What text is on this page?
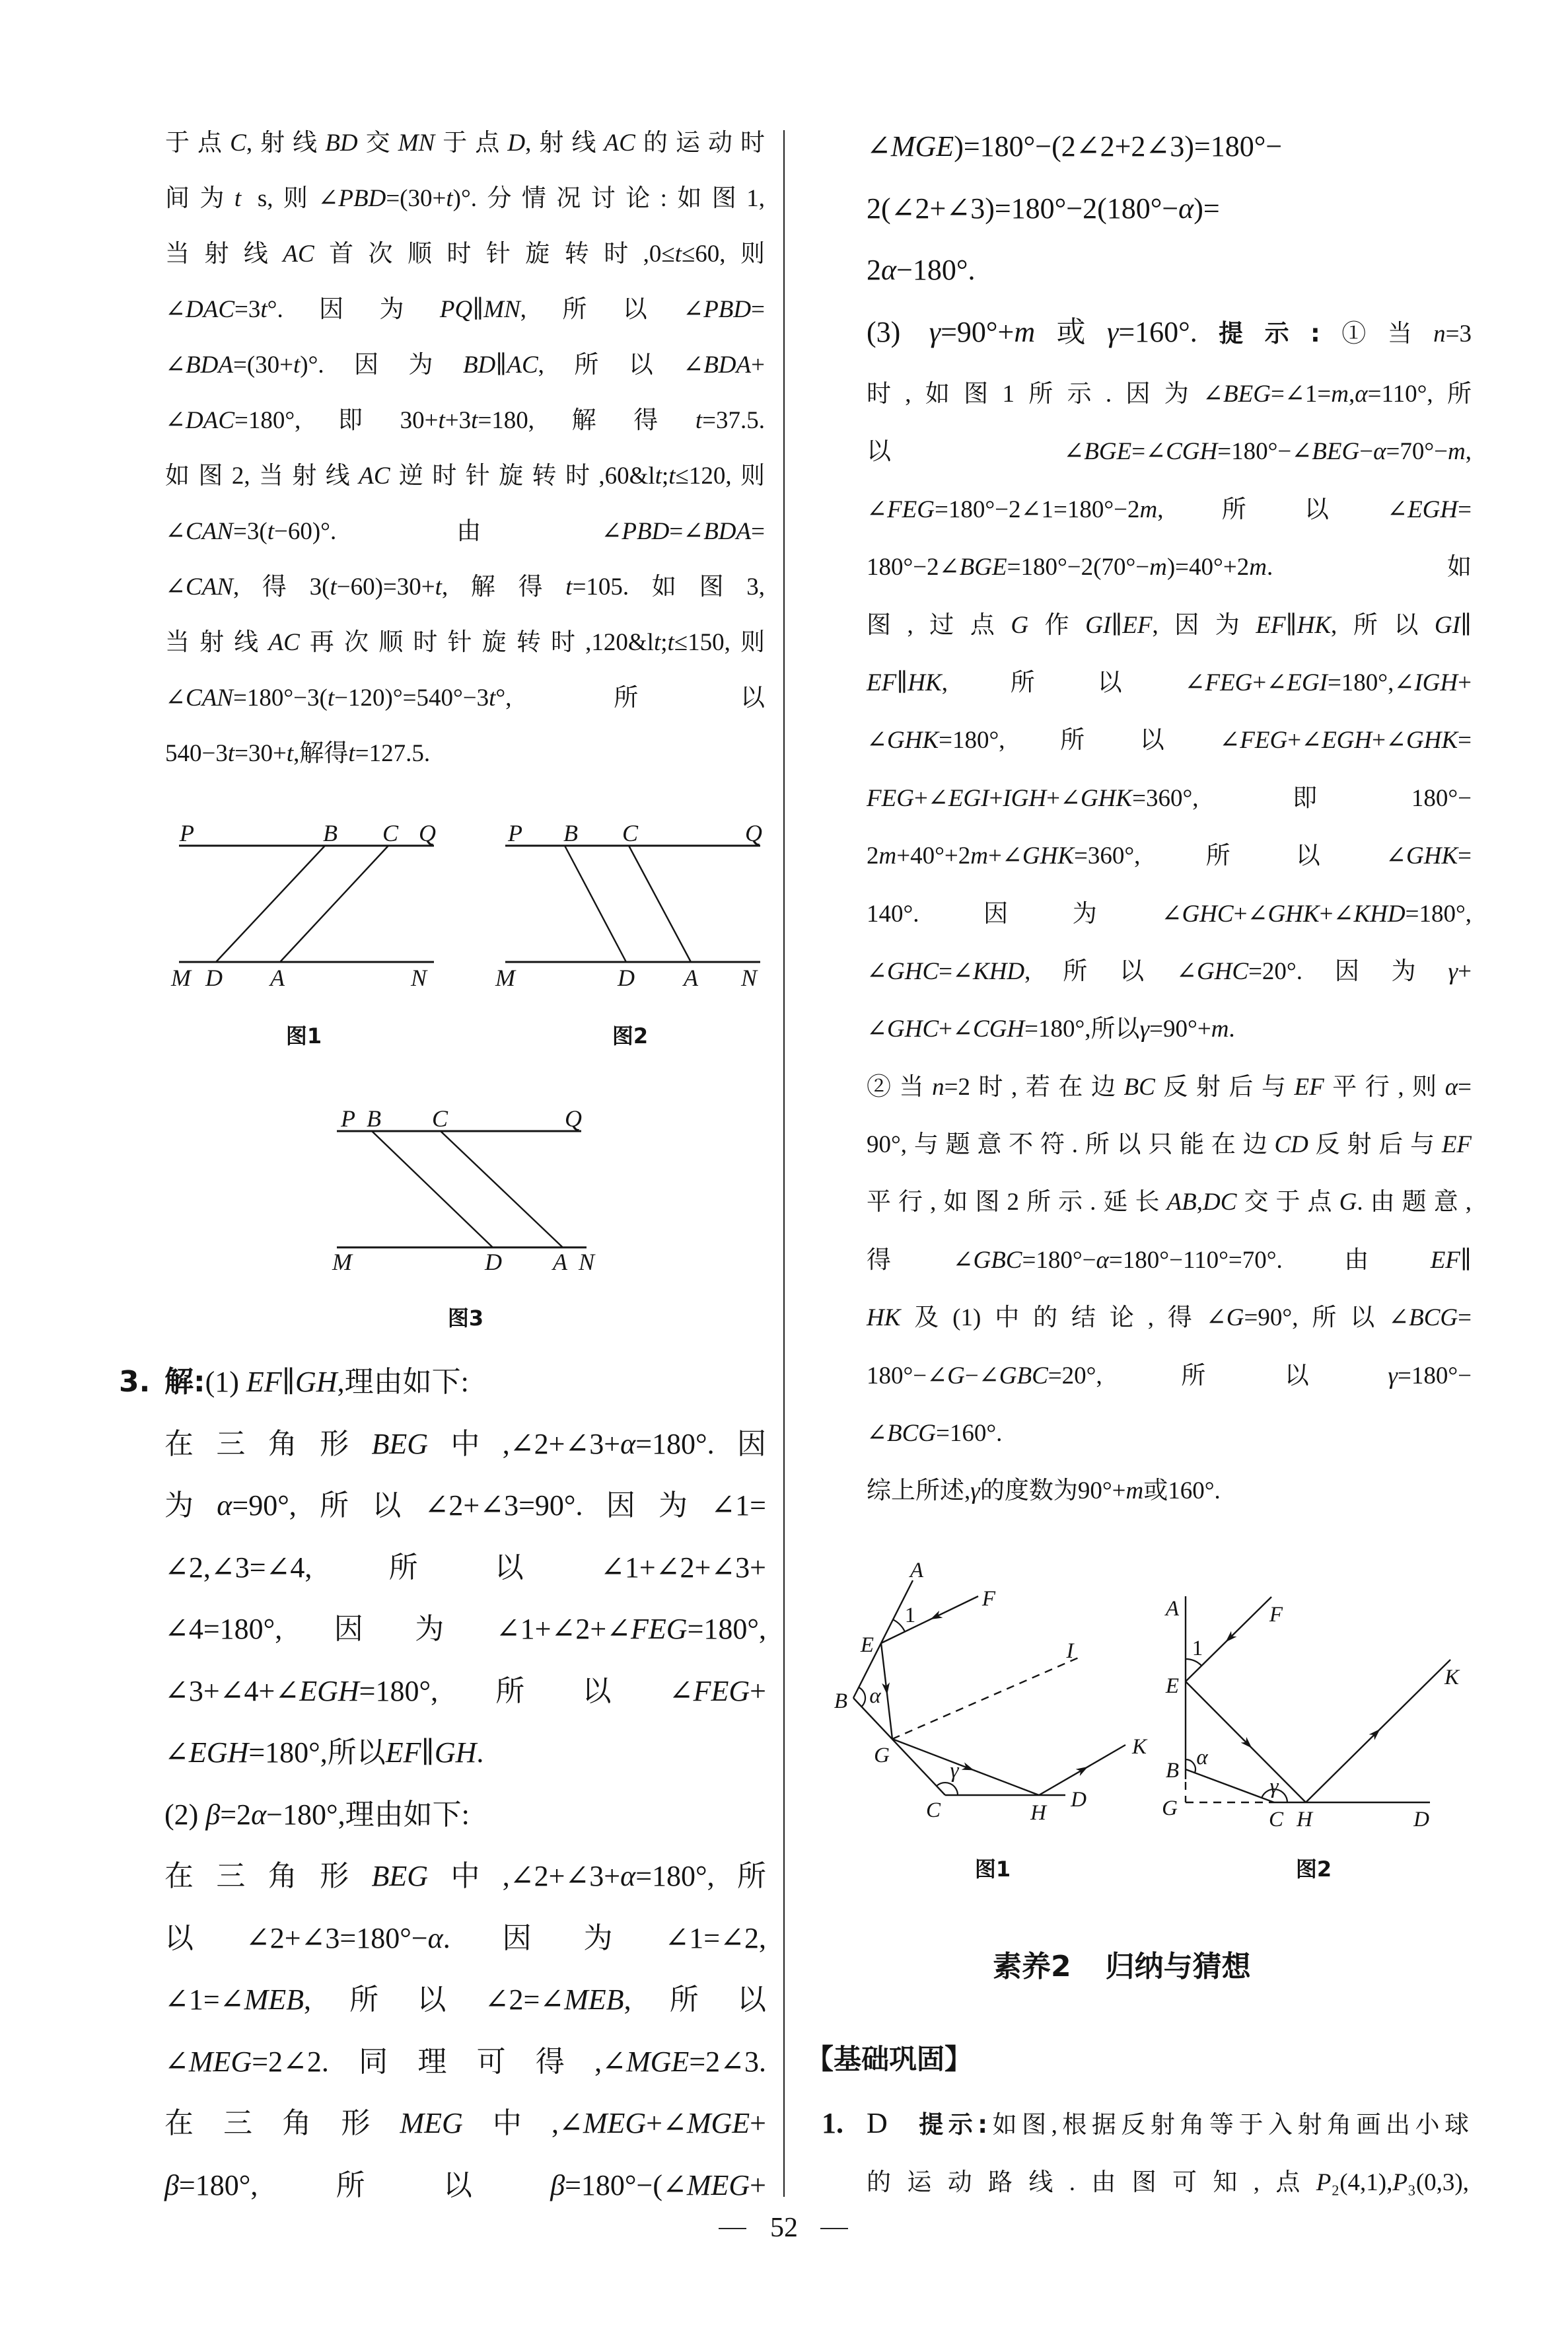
于点C,射线BD交MN于点D,射线AC的运动时
间为t s,则∠PBD=(30+t)°.分情况讨论:如图1,
当射线AC首次顺时针旋转时,0≤t≤60,则
∠DAC=3t°.因为PQ∥MN,所以∠PBD=
∠BDA=(30+t)°.因为BD∥AC,所以∠BDA+
∠DAC=180°,即30+t+3t=180,解得t=37.5.
如图2,当射线AC逆时针旋转时,60&lt;t≤120,则
∠CAN=3(t−60)°.由∠PBD=∠BDA=
∠CAN,得3(t−60)=30+t,解得t=105.如图3,
当射线AC再次顺时针旋转时,120&lt;t≤150,则
∠CAN=180°−3(t−120)°=540°−3t°,所以
540−3t=30+t,解得t=127.5.
3. 解:(1) EF∥GH,理由如下:
在三角形BEG中,∠2+∠3+α=180°.因
为α=90°,所以∠2+∠3=90°.因为∠1=
∠2,∠3=∠4,所以∠1+∠2+∠3+
∠4=180°,因为∠1+∠2+∠FEG=180°,
∠3+∠4+∠EGH=180°,所以∠FEG+
∠EGH=180°,所以EF∥GH.
(2) β=2α−180°,理由如下:
在三角形BEG中,∠2+∠3+α=180°,所
以∠2+∠3=180°−α.因为∠1=∠2,
∠1=∠MEB,所以∠2=∠MEB,所以
∠MEG=2∠2.同理可得,∠MGE=2∠3.
在三角形MEG中,∠MEG+∠MGE+
β=180°,所以β=180°−(∠MEG+
∠MGE)=180°−(2∠2+2∠3)=180°−
2(∠2+∠3)=180°−2(180°−α)=
2α−180°.
(3) γ=90°+m或γ=160°.提示:①当n=3
时,如图1所示.因为∠BEG=∠1=m,α=110°,所
以∠BGE=∠CGH=180°−∠BEG−α=70°−m,
∠FEG=180°−2∠1=180°−2m,所以∠EGH=
180°−2∠BGE=180°−2(70°−m)=40°+2m.如
图,过点G作GI∥EF,因为EF∥HK,所以GI∥
EF∥HK,所以∠FEG+∠EGI=180°,∠IGH+
∠GHK=180°,所以∠FEG+∠EGH+∠GHK=
FEG+∠EGI+IGH+∠GHK=360°,即180°−
2m+40°+2m+∠GHK=360°,所以∠GHK=
140°.因为∠GHC+∠GHK+∠KHD=180°,
∠GHC=∠KHD,所以∠GHC=20°.因为γ+
∠GHC+∠CGH=180°,所以γ=90°+m.
②当n=2时,若在边BC反射后与EF平行,则α=
90°,与题意不符.所以只能在边CD反射后与EF
平行,如图2所示.延长AB,DC交于点G.由题意,
得∠GBC=180°−α=180°−110°=70°.由EF∥
HK及(1)中的结论,得∠G=90°,所以∠BCG=
180°−∠G−∠GBC=20°,所以γ=180°−
∠BCG=160°.
综上所述,γ的度数为90°+m或160°.
素养2 归纳与猜想
【基础巩固】
1. D 提示:如图,根据反射角等于入射角画出小球
的运动路线.由图可知,点P₂(4,1),P₃(0,3),
52
P	B C Q
M D A	N
图1
P B C	Q
M	D A N
图2
P B C	Q
M	D A N
图3
A
F
1
E	I
α
B
G	K
γ
C	H
D
图1
A	F
1
E	K
α
B
γ
G	C H	D
图2
